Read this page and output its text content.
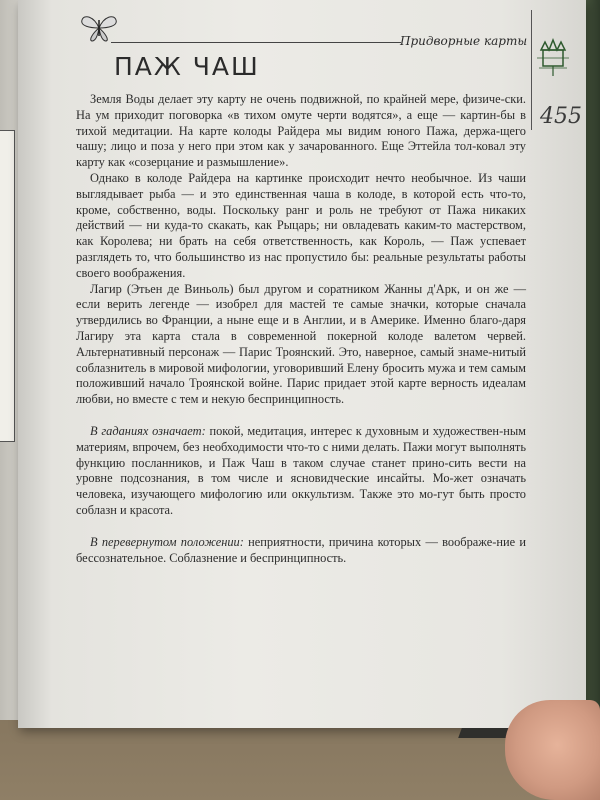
Придворные карты
ПАЖ ЧАШ
455

Земля Воды делает эту карту не очень подвижной, по крайней мере, физиче-ски. На ум приходит поговорка «в тихом омуте черти водятся», а еще — картин-бы в тихой медитации. На карте колоды Райдера мы видим юного Пажа, держа-щего чашу; лицо и поза у него при этом как у зачарованного. Еще Эттейла тол-ковал эту карту как «созерцание и размышление».

Однако в колоде Райдера на картинке происходит нечто необычное. Из чаши выглядывает рыба — и это единственная чаша в колоде, в которой есть что-то, кроме, собственно, воды. Поскольку ранг и роль не требуют от Пажа никаких действий — ни куда-то скакать, как Рыцарь; ни овладевать каким-то мастерством, как Королева; ни брать на себя ответственность, как Король, — Паж успевает разглядеть то, что большинство из нас пропустило бы: реальные результаты работы своего воображения.

Лагир (Этьен де Виньоль) был другом и соратником Жанны д'Арк, и он же — если верить легенде — изобрел для мастей те самые значки, которые сначала утвердились во Франции, а ныне еще и в Англии, и в Америке. Именно благо-даря Лагиру эта карта стала в современной покерной колоде валетом червей. Альтернативный персонаж — Парис Троянский. Это, наверное, самый знаме-нитый соблазнитель в мировой мифологии, уговоривший Елену бросить мужа и тем самым положивший начало Троянской войне. Парис придает этой карте верность идеалам любви, но вместе с тем и некую беспринципность.

В гаданиях означает: покой, медитация, интерес к духовным и художествен-ным материям, впрочем, без необходимости что-то с ними делать. Пажи могут выполнять функцию посланников, и Паж Чаш в таком случае станет прино-сить вести на уровне подсознания, в том числе и ясновидческие инсайты. Мо-жет означать человека, изучающего мифологию или оккультизм. Также это мо-гут быть просто соблазн и красота.

В перевернутом положении: неприятности, причина которых — воображе-ние и бессознательное. Соблазнение и беспринципность.
